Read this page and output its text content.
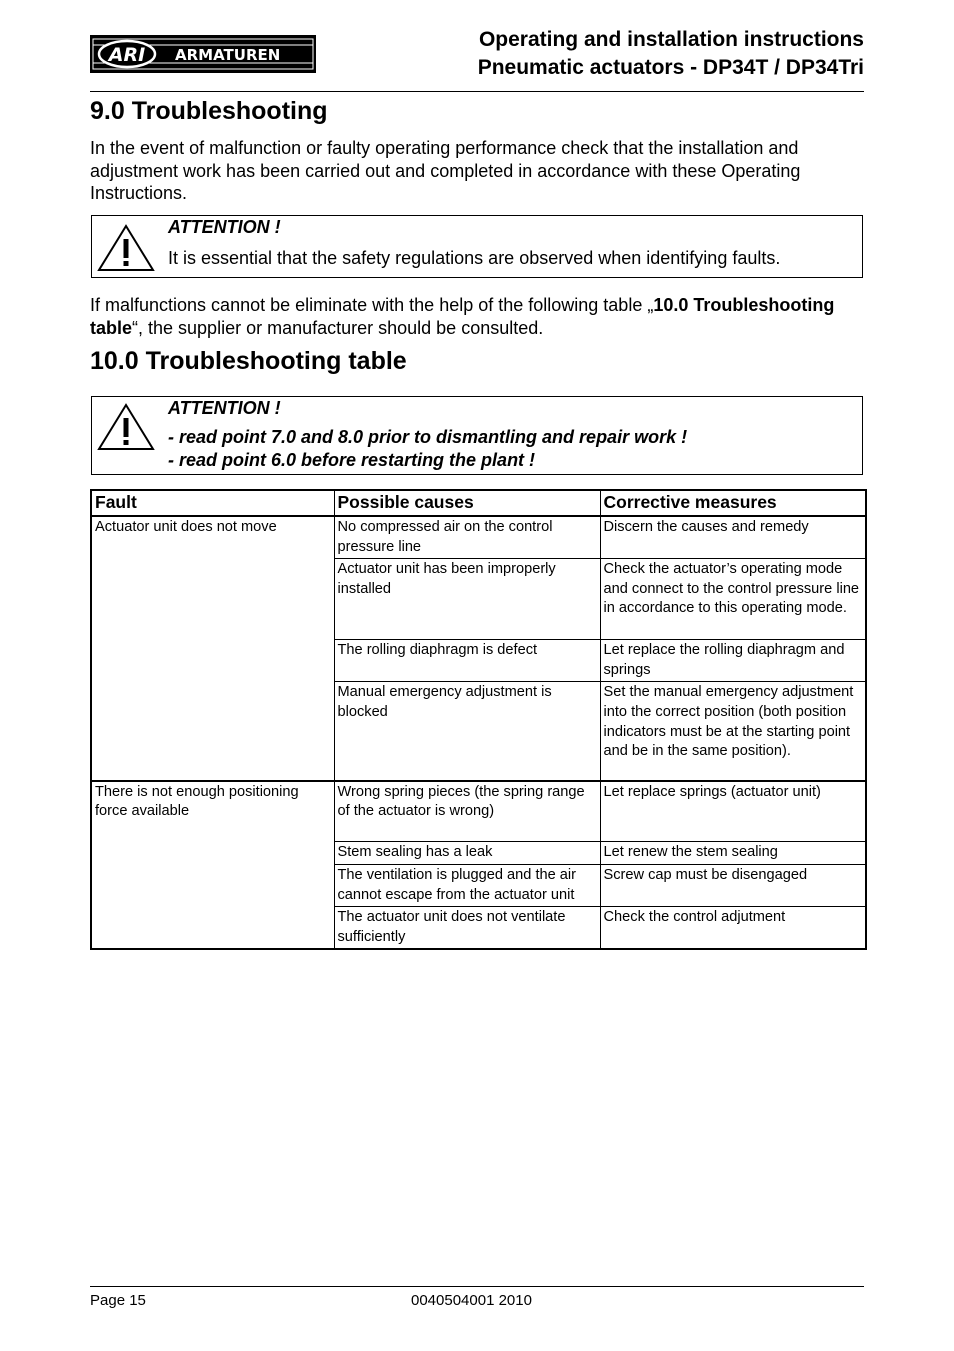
ARI ARMATUREN
Operating and installation instructions
Pneumatic actuators - DP34T / DP34Tri
9.0 Troubleshooting

In the event of malfunction or faulty operating performance check that the installation and adjustment work has been carried out and completed in accordance with these Operating Instructions.

ATTENTION !
It is essential that the safety regulations are observed when identifying faults.

If malfunctions cannot be eliminate with the help of the following table „10.0 Troubleshooting table“, the supplier or manufacturer should be consulted.

10.0 Troubleshooting table
ATTENTION !
- read point 7.0 and 8.0 prior to dismantling and repair work !
- read point 6.0 before restarting the plant !
Fault	Possible causes	Corrective measures
Actuator unit does not move	No compressed air on the control pressure line	Discern the causes and remedy
	Actuator unit has been improperly installed	Check the actuator’s operating mode and connect to the control pressure line in accordance to this operating mode.
	The rolling diaphragm is defect	Let replace the rolling diaphragm and springs
	Manual emergency adjustment is blocked	Set the manual emergency adjustment into the correct position (both position indicators must be at the starting point and be in the same position).
There is not enough positioning force available	Wrong spring pieces (the spring range of the actuator is wrong)	Let replace springs (actuator unit)
	Stem sealing has a leak	Let renew the stem sealing
	The ventilation is plugged and the air cannot escape from the actuator unit	Screw cap must be disengaged
	The actuator unit does not ventilate sufficiently	Check the control adjutment
Page 15	0040504001 2010
